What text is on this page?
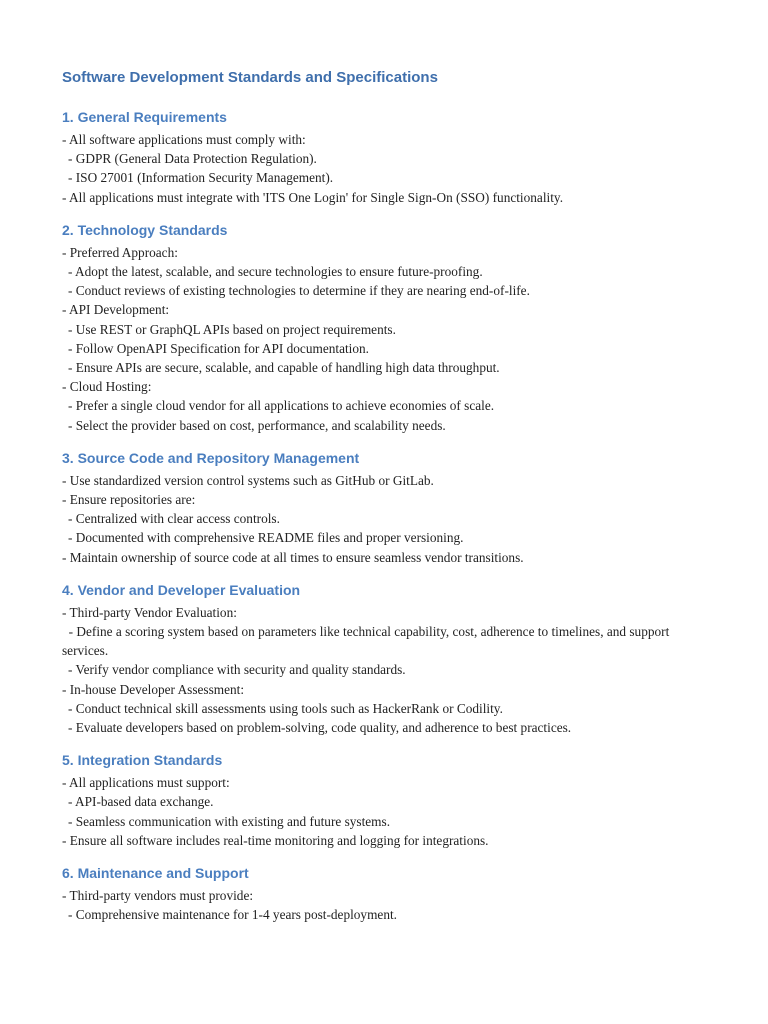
Software Development Standards and Specifications
1. General Requirements

- All software applications must comply with:

- GDPR (General Data Protection Regulation).

- ISO 27001 (Information Security Management).

- All applications must integrate with 'ITS One Login' for Single Sign-On (SSO) functionality.

2. Technology Standards

- Preferred Approach:

- Adopt the latest, scalable, and secure technologies to ensure future-proofing.

- Conduct reviews of existing technologies to determine if they are nearing end-of-life.

- API Development:

- Use REST or GraphQL APIs based on project requirements.

- Follow OpenAPI Specification for API documentation.

- Ensure APIs are secure, scalable, and capable of handling high data throughput.

- Cloud Hosting:

- Prefer a single cloud vendor for all applications to achieve economies of scale.

- Select the provider based on cost, performance, and scalability needs.

3. Source Code and Repository Management

- Use standardized version control systems such as GitHub or GitLab.

- Ensure repositories are:

- Centralized with clear access controls.

- Documented with comprehensive README files and proper versioning.

- Maintain ownership of source code at all times to ensure seamless vendor transitions.

4. Vendor and Developer Evaluation

- Third-party Vendor Evaluation:

- Define a scoring system based on parameters like technical capability, cost, adherence to timelines, and support services.

- Verify vendor compliance with security and quality standards.

- In-house Developer Assessment:

- Conduct technical skill assessments using tools such as HackerRank or Codility.

- Evaluate developers based on problem-solving, code quality, and adherence to best practices.

5. Integration Standards

- All applications must support:

- API-based data exchange.

- Seamless communication with existing and future systems.

- Ensure all software includes real-time monitoring and logging for integrations.

6. Maintenance and Support

- Third-party vendors must provide:

- Comprehensive maintenance for 1-4 years post-deployment.
